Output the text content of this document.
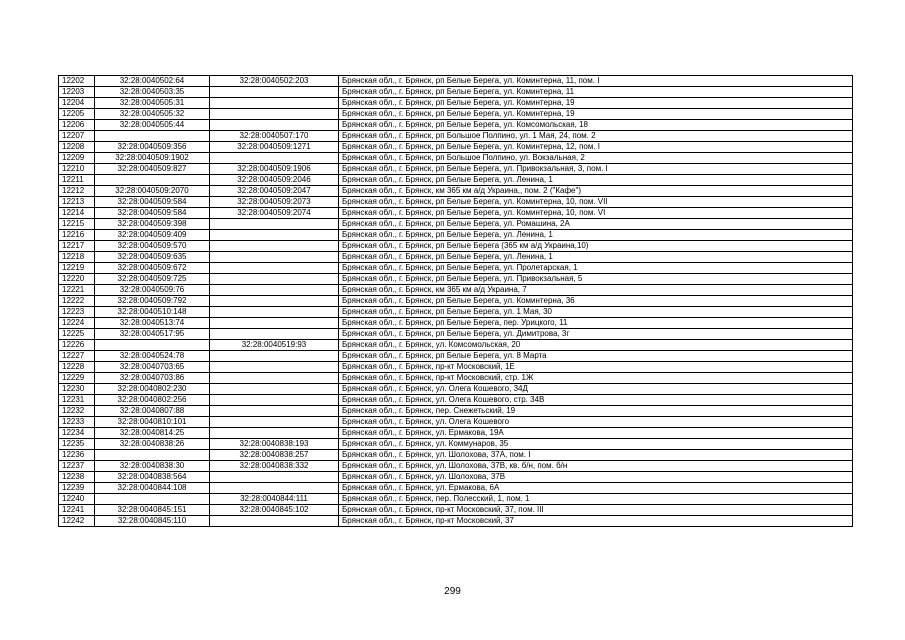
12202	32:28:0040502:64	32:28:0040502:203	Брянская обл., г. Брянск, рп Белые Берега, ул. Коминтерна, 11, пом. I
12203	32:28:0040503:35		Брянская обл., г. Брянск, рп Белые Берега, ул. Коминтерна, 11
12204	32:28:0040505:31		Брянская обл., г. Брянск, рп Белые Берега, ул. Коминтерна, 19
12205	32:28:0040505:32		Брянская обл., г. Брянск, рп Белые Берега, ул. Коминтерна, 19
12206	32:28:0040505:44		Брянская обл., г. Брянск, рп Белые Берега, ул. Комсомольская, 18
12207		32:28:0040507:170	Брянская обл., г. Брянск, рп Большое Полпино, ул. 1 Мая, 24, пом. 2
12208	32:28:0040509:356	32:28:0040509:1271	Брянская обл., г. Брянск, рп Белые Берега, ул. Коминтерна, 12, пом. I
12209	32:28:0040509:1902		Брянская обл., г. Брянск, рп Большое Полпино, ул. Вокзальная, 2
12210	32:28:0040509:827	32:28:0040509:1906	Брянская обл., г. Брянск, рп Белые Берега, ул. Привокзальная, 3, пом. I
12211		32:28:0040509:2046	Брянская обл., г. Брянск, рп Белые Берега, ул. Ленина, 1
12212	32:28:0040509:2070	32:28:0040509:2047	Брянская обл., г. Брянск, км 365 км а/д Украина,, пом. 2 ("Кафе")
12213	32:28:0040509:584	32:28:0040509:2073	Брянская обл., г. Брянск, рп Белые Берега, ул. Коминтерна, 10, пом. VII
12214	32:28:0040509:584	32:28:0040509:2074	Брянская обл., г. Брянск, рп Белые Берега, ул. Коминтерна, 10, пом. VI
12215	32:28:0040509:398		Брянская обл., г. Брянск, рп Белые Берега, ул. Ромашина, 2А
12216	32:28:0040509:409		Брянская обл., г. Брянск, рп Белые Берега, ул. Ленина, 1
12217	32:28:0040509:570		Брянская обл., г. Брянск, рп Белые Берега (365 км а/д Украина,10)
12218	32:28:0040509:635		Брянская обл., г. Брянск, рп Белые Берега, ул. Ленина, 1
12219	32:28:0040509:672		Брянская обл., г. Брянск, рп Белые Берега, ул. Пролетарская, 1
12220	32:28:0040509:725		Брянская обл., г. Брянск, рп Белые Берега, ул. Привокзальная, 5
12221	32:28:0040509:76		Брянская обл., г. Брянск, км 365 км а/д Украина, 7
12222	32:28:0040509:792		Брянская обл., г. Брянск, рп Белые Берега, ул. Коминтерна, 36
12223	32:28:0040510:148		Брянская обл., г. Брянск, рп Белые Берега, ул. 1 Мая, 30
12224	32:28:0040513:74		Брянская обл., г. Брянск, рп Белые Берега, пер. Урицкого, 11
12225	32:28:0040517:95		Брянская обл., г. Брянск, рп Белые Берега, ул. Димитрова, 3г
12226		32:28:0040519:93	Брянская обл., г. Брянск, ул. Комсомольская, 20
12227	32:28:0040524:78		Брянская обл., г. Брянск, рп Белые Берега, ул. 8 Марта
12228	32:28:0040703:65		Брянская обл., г. Брянск, пр-кт Московский, 1Е
12229	32:28:0040703:86		Брянская обл., г. Брянск, пр-кт Московский, стр. 1Ж
12230	32:28:0040802:230		Брянская обл., г. Брянск, ул. Олега Кошевого, 34Д
12231	32:28:0040802:256		Брянская обл., г. Брянск, ул. Олега Кошевого, стр. 34В
12232	32:28:0040807:88		Брянская обл., г. Брянск, пер. Снежетьский, 19
12233	32:28:0040810:101		Брянская обл., г. Брянск, ул. Олега Кошевого
12234	32:28:0040814:25		Брянская обл., г. Брянск, ул. Ермакова, 19А
12235	32:28:0040838:26	32:28:0040838:193	Брянская обл., г. Брянск, ул. Коммунаров, 35
12236		32:28:0040838:257	Брянская обл., г. Брянск, ул. Шолохова, 37А, пом. I
12237	32:28:0040838:30	32:28:0040838:332	Брянская обл., г. Брянск, ул. Шолохова, 37В, кв. б/н, пом. б/н
12238	32:28:0040838:564		Брянская обл., г. Брянск, ул. Шолохова, 37В
12239	32:28:0040844:108		Брянская обл., г. Брянск, ул. Ермакова, 6А
12240		32:28:0040844:111	Брянская обл., г. Брянск, пер. Полесский, 1, пом. 1
12241	32:28:0040845:151	32:28:0040845:102	Брянская обл., г. Брянск, пр-кт Московский, 37, пом. III
12242	32:28:0040845:110		Брянская обл., г. Брянск, пр-кт Московский, 37
299
